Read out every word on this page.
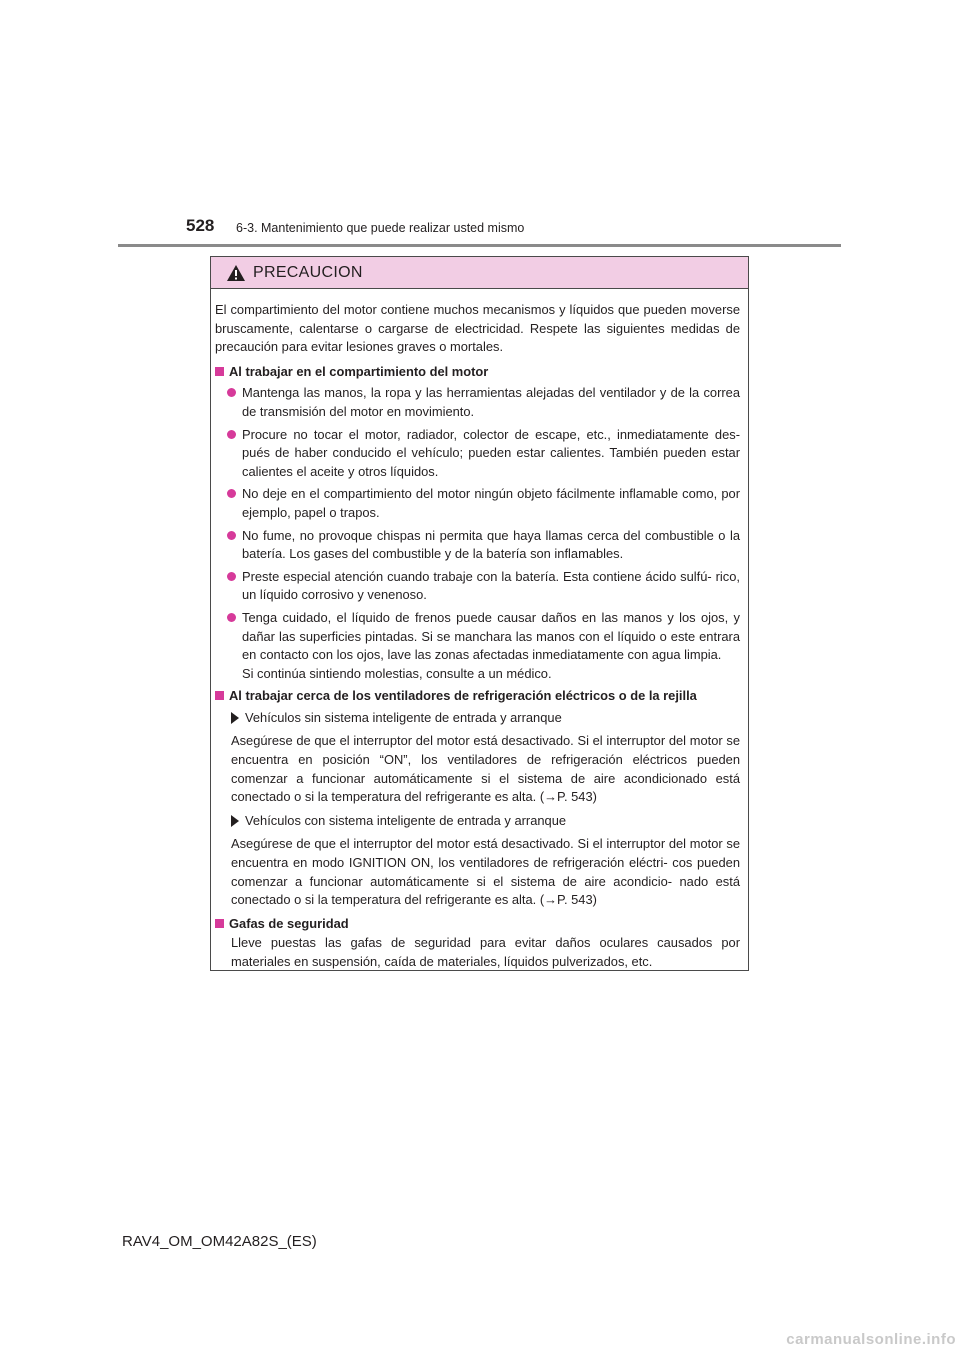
528 6-3. Mantenimiento que puede realizar usted mismo
PRECAUCION

El compartimiento del motor contiene muchos mecanismos y líquidos que pueden moverse bruscamente, calentarse o cargarse de electricidad. Respete las siguientes medidas de precaución para evitar lesiones graves o mortales.

Al trabajar en el compartimiento del motor

Mantenga las manos, la ropa y las herramientas alejadas del ventilador y de la correa de transmisión del motor en movimiento.

Procure no tocar el motor, radiador, colector de escape, etc., inmediatamente des- pués de haber conducido el vehículo; pueden estar calientes. También pueden estar calientes el aceite y otros líquidos.

No deje en el compartimiento del motor ningún objeto fácilmente inflamable como, por ejemplo, papel o trapos.

No fume, no provoque chispas ni permita que haya llamas cerca del combustible o la batería. Los gases del combustible y de la batería son inflamables.

Preste especial atención cuando trabaje con la batería. Esta contiene ácido sulfú- rico, un líquido corrosivo y venenoso.

Tenga cuidado, el líquido de frenos puede causar daños en las manos y los ojos, y dañar las superficies pintadas. Si se manchara las manos con el líquido o este entrara en contacto con los ojos, lave las zonas afectadas inmediatamente con agua limpia.

Si continúa sintiendo molestias, consulte a un médico.

Al trabajar cerca de los ventiladores de refrigeración eléctricos o de la rejilla
Vehículos sin sistema inteligente de entrada y arranque

Asegúrese de que el interruptor del motor está desactivado. Si el interruptor del motor se encuentra en posición “ON”, los ventiladores de refrigeración eléctricos pueden comenzar a funcionar automáticamente si el sistema de aire acondicionado está conectado o si la temperatura del refrigerante es alta. (→P. 543)

Vehículos con sistema inteligente de entrada y arranque

Asegúrese de que el interruptor del motor está desactivado. Si el interruptor del motor se encuentra en modo IGNITION ON, los ventiladores de refrigeración eléctri- cos pueden comenzar a funcionar automáticamente si el sistema de aire acondicio- nado está conectado o si la temperatura del refrigerante es alta. (→P. 543)

Gafas de seguridad

Lleve puestas las gafas de seguridad para evitar daños oculares causados por materiales en suspensión, caída de materiales, líquidos pulverizados, etc.

RAV4_OM_OM42A82S_(ES)
carmanualsonline.info
